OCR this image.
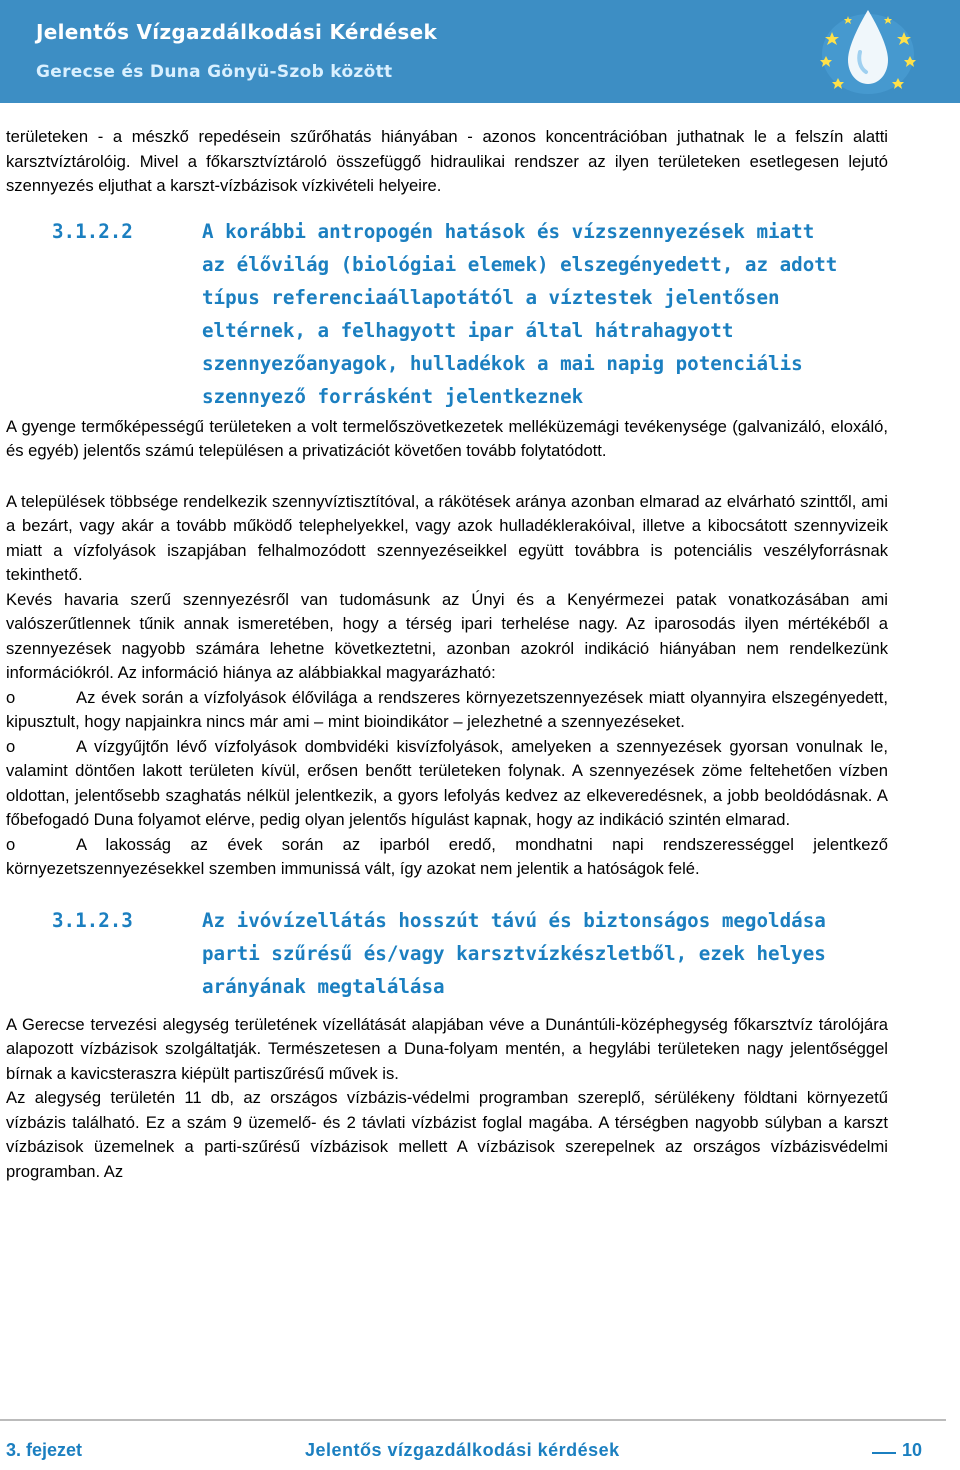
Jelentős Vízgazdálkodási Kérdések
Gerecse és Duna Gönyü-Szob között

területeken - a mészkő repedésein szűrőhatás hiányában - azonos koncentrációban juthatnak le a felszín alatti karsztvíztárolóig. Mivel a főkarsztvíztároló összefüggő hidraulikai rendszer az ilyen területeken esetlegesen lejutó szennyezés eljuthat a karszt-vízbázisok vízkivételi helyeire.

3.1.2.2	A korábbi antropogén hatások és vízszennyezések miatt
az élővilág (biológiai elemek) elszegényedett, az adott
típus referenciaállapotától a víztestek jelentősen
eltérnek, a felhagyott ipar által hátrahagyott
szennyezőanyagok, hulladékok a mai napig potenciális
szennyező forrásként jelentkeznek

A gyenge termőképességű területeken a volt termelőszövetkezetek melléküzemági tevékenysége (galvanizáló, eloxáló, és egyéb) jelentős számú településen a privatizációt követően tovább folytatódott.

A települések többsége rendelkezik szennyvíztisztítóval, a rákötések aránya azonban elmarad az elvárható szinttől, ami a bezárt, vagy akár a tovább működő telephelyekkel, vagy azok hulladéklerakóival, illetve a kibocsátott szennyvizeik miatt a vízfolyások iszapjában felhalmozódott szennyezéseikkel együtt továbbra is potenciális veszélyforrásnak tekinthető.

Kevés havaria szerű szennyezésről van tudomásunk az Únyi és a Kenyérmezei patak vonatkozásában ami valószerűtlennek tűnik annak ismeretében, hogy a térség ipari terhelése nagy. Az iparosodás ilyen mértékéből a szennyezések nagyobb számára lehetne következtetni, azonban azokról indikáció hiányában nem rendelkezünk információkról. Az információ hiánya az alábbiakkal magyarázható:

o	Az évek során a vízfolyások élővilága a rendszeres környezetszennyezések miatt olyannyira elszegényedett, kipusztult, hogy napjainkra nincs már ami – mint bioindikátor – jelezhetné a szennyezéseket.

o	A vízgyűjtőn lévő vízfolyások dombvidéki kisvízfolyások, amelyeken a szennyezések gyorsan vonulnak le, valamint döntően lakott területen kívül, erősen benőtt területeken folynak. A szennyezések zöme feltehetően vízben oldottan, jelentősebb szaghatás nélkül jelentkezik, a gyors lefolyás kedvez az elkeveredésnek, a jobb beoldódásnak. A főbefogadó Duna folyamot elérve, pedig olyan jelentős hígulást kapnak, hogy az indikáció szintén elmarad.

o	A lakosság az évek során az iparból eredő, mondhatni napi rendszerességgel jelentkező környezetszennyezésekkel szemben immunissá vált, így azokat nem jelentik a hatóságok felé.

3.1.2.3	Az ivóvízellátás hosszút távú és biztonságos megoldása
parti szűrésű és/vagy karsztvízkészletből, ezek helyes
arányának megtalálása

A Gerecse tervezési alegység területének vízellátását alapjában véve a Dunántúli-középhegység főkarsztvíz tárolójára alapozott vízbázisok szolgáltatják. Természetesen a Duna-folyam mentén, a hegylábi területeken nagy jelentőséggel bírnak a kavicsteraszra kiépült partiszűrésű művek is.

Az alegység területén 11 db, az országos vízbázis-védelmi programban szereplő, sérülékeny földtani környezetű vízbázis található. Ez a szám 9 üzemelő- és 2 távlati vízbázist foglal magába. A térségben nagyobb súlyban a karszt vízbázisok üzemelnek a parti-szűrésű vízbázisok mellett A vízbázisok szerepelnek az országos vízbázisvédelmi programban. Az

3. fejezet	Jelentős vízgazdálkodási kérdések	10
